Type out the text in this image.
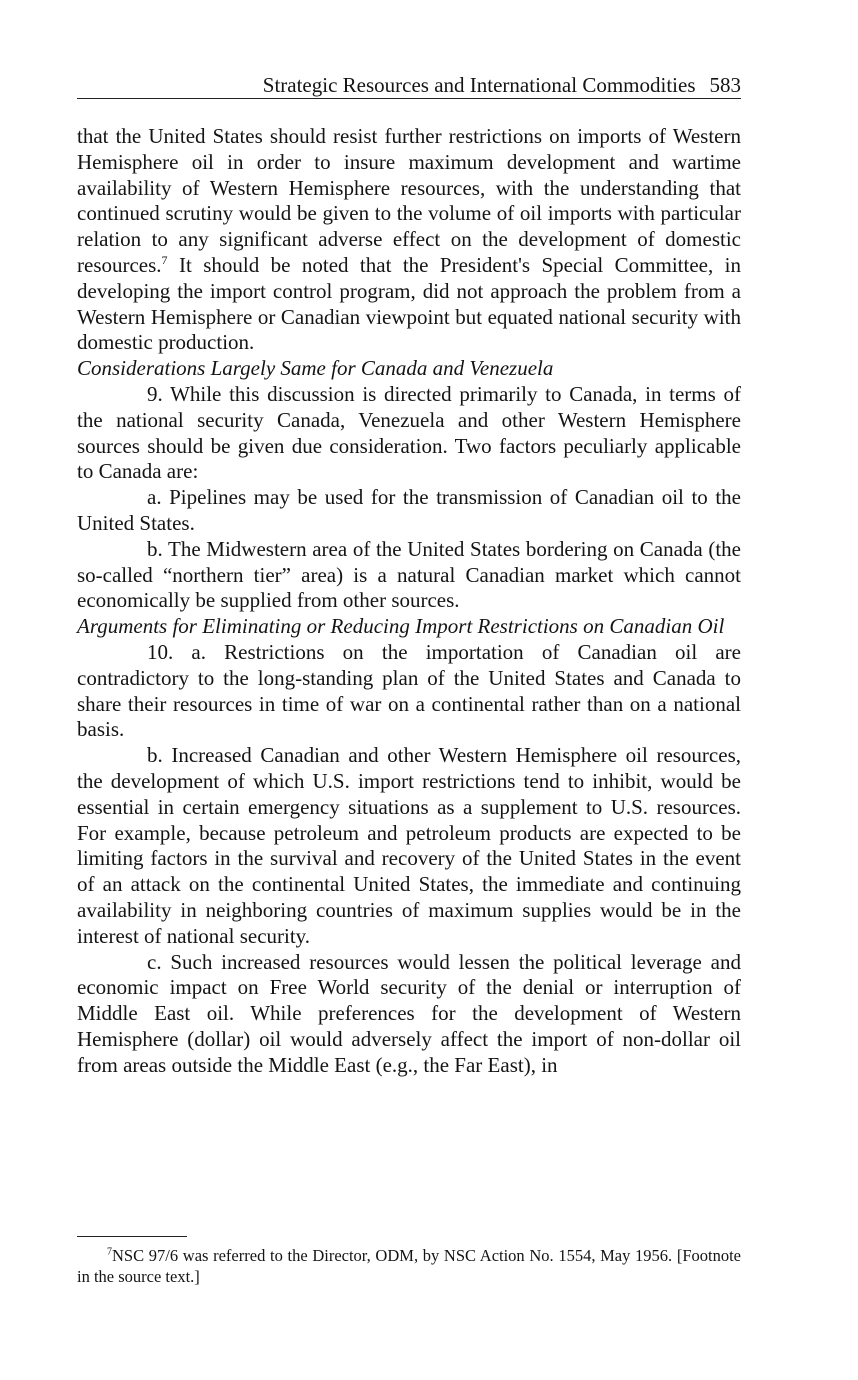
Strategic Resources and International Commodities 583

that the United States should resist further restrictions on imports of Western Hemisphere oil in order to insure maximum development and wartime availability of Western Hemisphere resources, with the understanding that continued scrutiny would be given to the volume of oil imports with particular relation to any significant adverse effect on the development of domestic resources.$^7$ It should be noted that the President's Special Committee, in developing the import control program, did not approach the problem from a Western Hemisphere or Canadian viewpoint but equated national security with domestic production.

Considerations Largely Same for Canada and Venezuela

9. While this discussion is directed primarily to Canada, in terms of the national security Canada, Venezuela and other Western Hemisphere sources should be given due consideration. Two factors peculiarly applicable to Canada are:

a. Pipelines may be used for the transmission of Canadian oil to the United States.

b. The Midwestern area of the United States bordering on Canada (the so-called “northern tier” area) is a natural Canadian market which cannot economically be supplied from other sources.

Arguments for Eliminating or Reducing Import Restrictions on Canadian Oil

10. a. Restrictions on the importation of Canadian oil are contradictory to the long-standing plan of the United States and Canada to share their resources in time of war on a continental rather than on a national basis.

b. Increased Canadian and other Western Hemisphere oil resources, the development of which U.S. import restrictions tend to inhibit, would be essential in certain emergency situations as a supplement to U.S. resources. For example, because petroleum and petroleum products are expected to be limiting factors in the survival and recovery of the United States in the event of an attack on the continental United States, the immediate and continuing availability in neighboring countries of maximum supplies would be in the interest of national security.

c. Such increased resources would lessen the political leverage and economic impact on Free World security of the denial or interruption of Middle East oil. While preferences for the development of Western Hemisphere (dollar) oil would adversely affect the import of non-dollar oil from areas outside the Middle East (e.g., the Far East), in

$^7$NSC 97/6 was referred to the Director, ODM, by NSC Action No. 1554, May 1956. [Footnote in the source text.]
